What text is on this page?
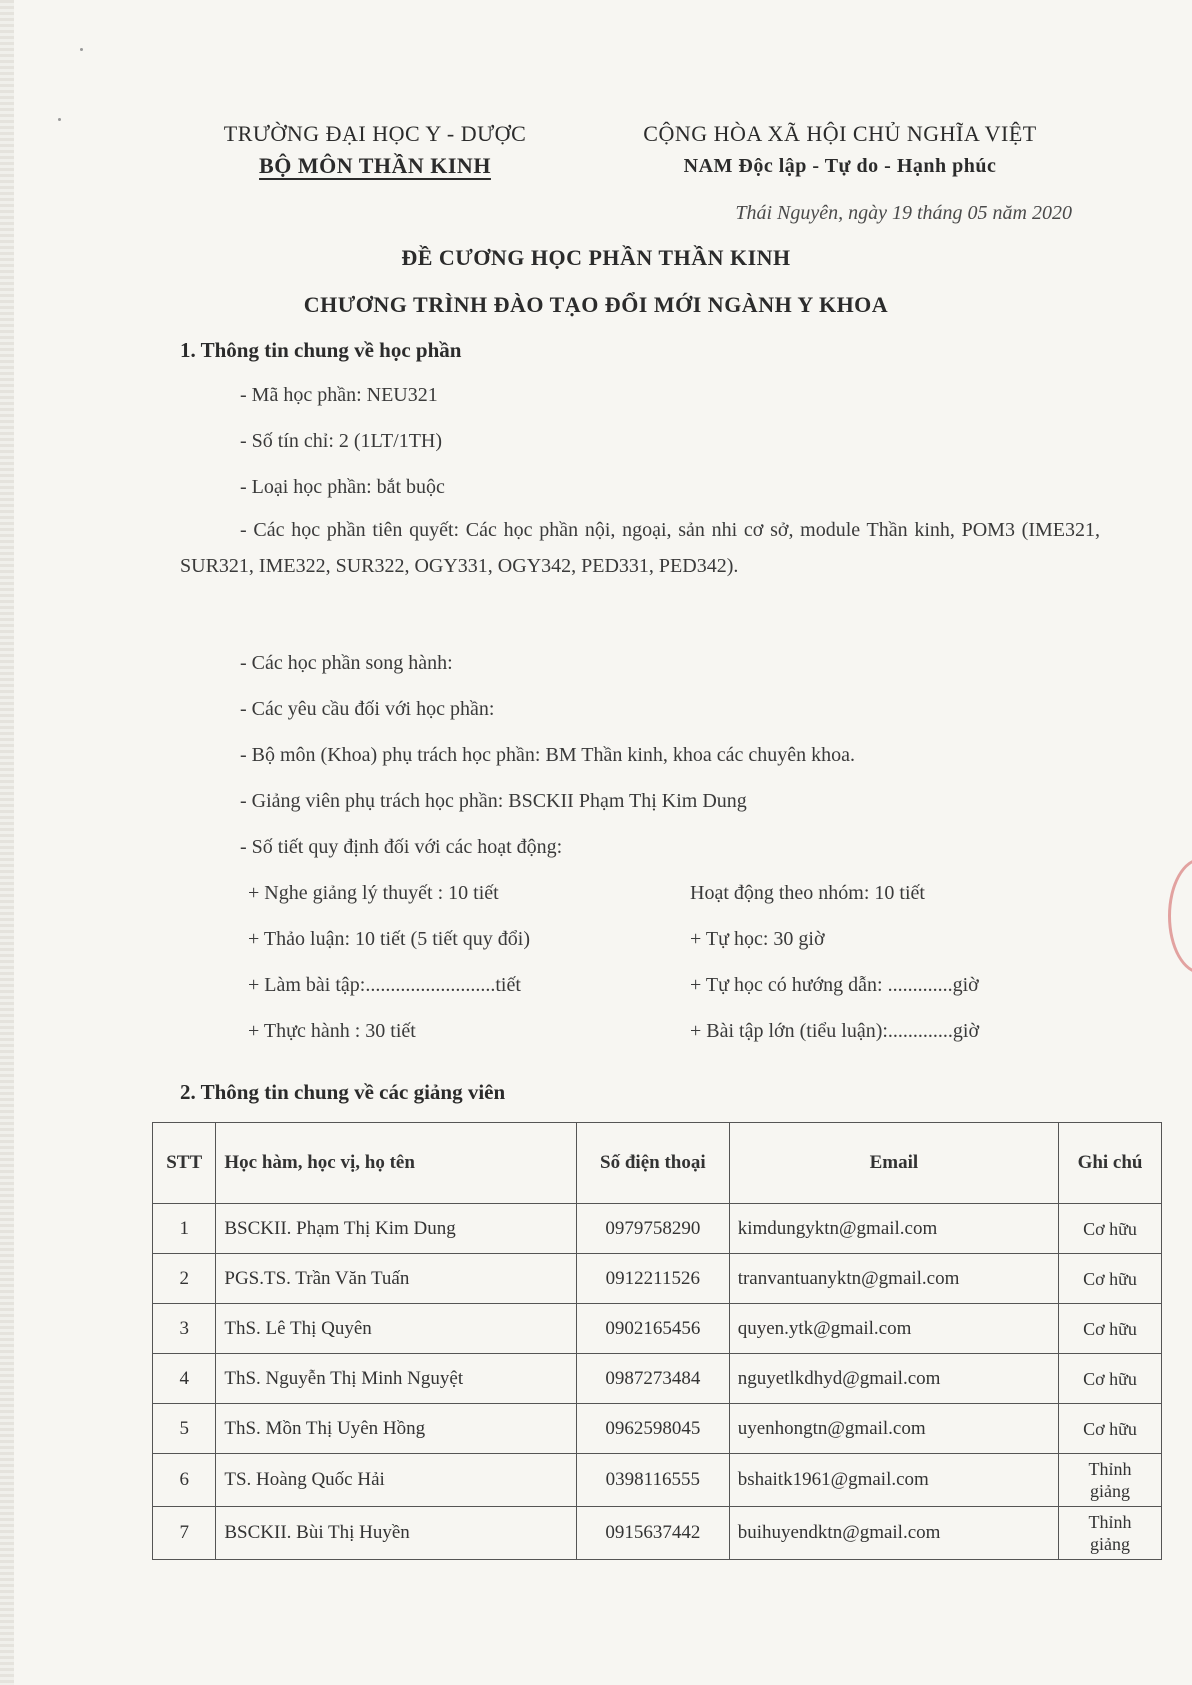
TRƯỜNG ĐẠI HỌC Y - DƯỢC
BỘ MÔN THẦN KINH
CỘNG HÒA XÃ HỘI CHỦ NGHĨA VIỆT
NAM Độc lập - Tự do - Hạnh phúc
Thái Nguyên, ngày 19 tháng 05 năm 2020
ĐỀ CƯƠNG HỌC PHẦN THẦN KINH
CHƯƠNG TRÌNH ĐÀO TẠO ĐỔI MỚI NGÀNH Y KHOA
1. Thông tin chung về học phần
- Mã học phần: NEU321
- Số tín chỉ: 2 (1LT/1TH)
- Loại học phần: bắt buộc
- Các học phần tiên quyết: Các học phần nội, ngoại, sản nhi cơ sở, module Thần kinh, POM3 (IME321, SUR321, IME322, SUR322, OGY331, OGY342, PED331, PED342).
- Các học phần song hành:
- Các yêu cầu đối với học phần:
- Bộ môn (Khoa) phụ trách học phần: BM Thần kinh, khoa các chuyên khoa.
- Giảng viên phụ trách học phần: BSCKII Phạm Thị Kim Dung
- Số tiết quy định đối với các hoạt động:
+ Nghe giảng lý thuyết : 10 tiết	Hoạt động theo nhóm: 10 tiết
+ Thảo luận: 10 tiết (5 tiết quy đổi)	+ Tự học: 30 giờ
+ Làm bài tập:..........................tiết	+ Tự học có hướng dẫn: .............giờ
+ Thực hành : 30 tiết	+ Bài tập lớn (tiểu luận):.............giờ
2. Thông tin chung về các giảng viên
STT	Học hàm, học vị, họ tên	Số điện thoại	Email	Ghi chú
1	BSCKII. Phạm Thị Kim Dung	0979758290	kimdungyktn@gmail.com	Cơ hữu
2	PGS.TS. Trần Văn Tuấn	0912211526	tranvantuanyktn@gmail.com	Cơ hữu
3	ThS. Lê Thị Quyên	0902165456	quyen.ytk@gmail.com	Cơ hữu
4	ThS. Nguyễn Thị Minh Nguyệt	0987273484	nguyetlkdhyd@gmail.com	Cơ hữu
5	ThS. Mồn Thị Uyên Hồng	0962598045	uyenhongtn@gmail.com	Cơ hữu
6	TS. Hoàng Quốc Hải	0398116555	bshaitk1961@gmail.com	Thỉnh giảng
7	BSCKII. Bùi Thị Huyền	0915637442	buihuyendktn@gmail.com	Thỉnh giảng
